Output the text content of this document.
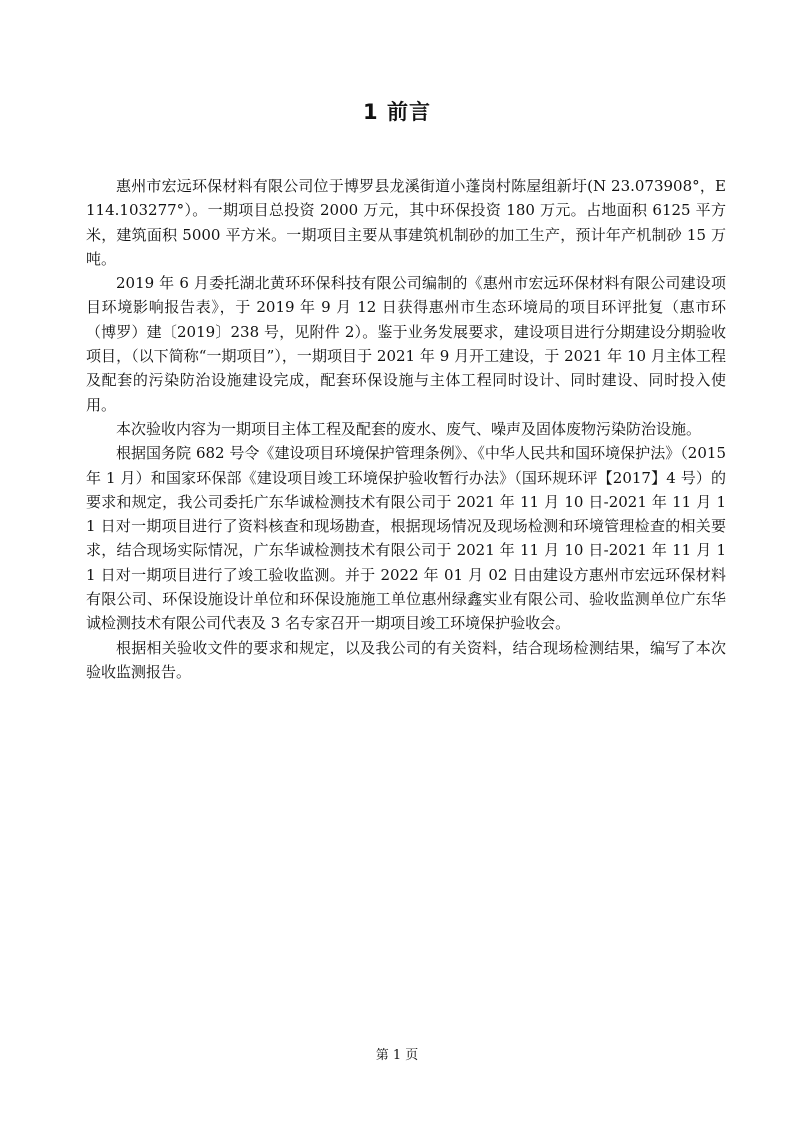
1 前言

惠州市宏远环保材料有限公司位于博罗县龙溪街道小蓬岗村陈屋组新圩(N 23.073908°，E  114.103277°）。一期项目总投资 2000 万元，其中环保投资 180 万元。占地面积 6125 平方米，建筑面积 5000 平方米。一期项目主要从事建筑机制砂的加工生产，预计年产机制砂 15 万吨。

2019 年 6 月委托湖北黄环环保科技有限公司编制的《惠州市宏远环保材料有限公司建设项目环境影响报告表》，于 2019 年 9 月 12 日获得惠州市生态环境局的项目环评批复（惠市环（博罗）建〔2019〕238 号，见附件 2）。鉴于业务发展要求，建设项目进行分期建设分期验收项目，（以下简称“一期项目”），一期项目于 2021 年 9 月开工建设，于 2021 年 10 月主体工程及配套的污染防治设施建设完成，配套环保设施与主体工程同时设计、同时建设、同时投入使用。

本次验收内容为一期项目主体工程及配套的废水、废气、噪声及固体废物污染防治设施。

根据国务院 682 号令《建设项目环境保护管理条例》、《中华人民共和国环境保护法》（2015 年 1 月）和国家环保部《建设项目竣工环境保护验收暂行办法》（国环规环评【2017】4 号）的要求和规定，我公司委托广东华诚检测技术有限公司于 2021 年 11 月 10 日-2021 年 11 月 11 日对一期项目进行了资料核查和现场勘查，根据现场情况及现场检测和环境管理检查的相关要求，结合现场实际情况，广东华诚检测技术有限公司于 2021 年 11 月 10 日-2021 年 11 月 11 日对一期项目进行了竣工验收监测。并于 2022 年 01 月 02 日由建设方惠州市宏远环保材料有限公司、环保设施设计单位和环保设施施工单位惠州绿鑫实业有限公司、验收监测单位广东华诚检测技术有限公司代表及 3 名专家召开一期项目竣工环境保护验收会。

根据相关验收文件的要求和规定，以及我公司的有关资料，结合现场检测结果，编写了本次验收监测报告。

第 1 页
